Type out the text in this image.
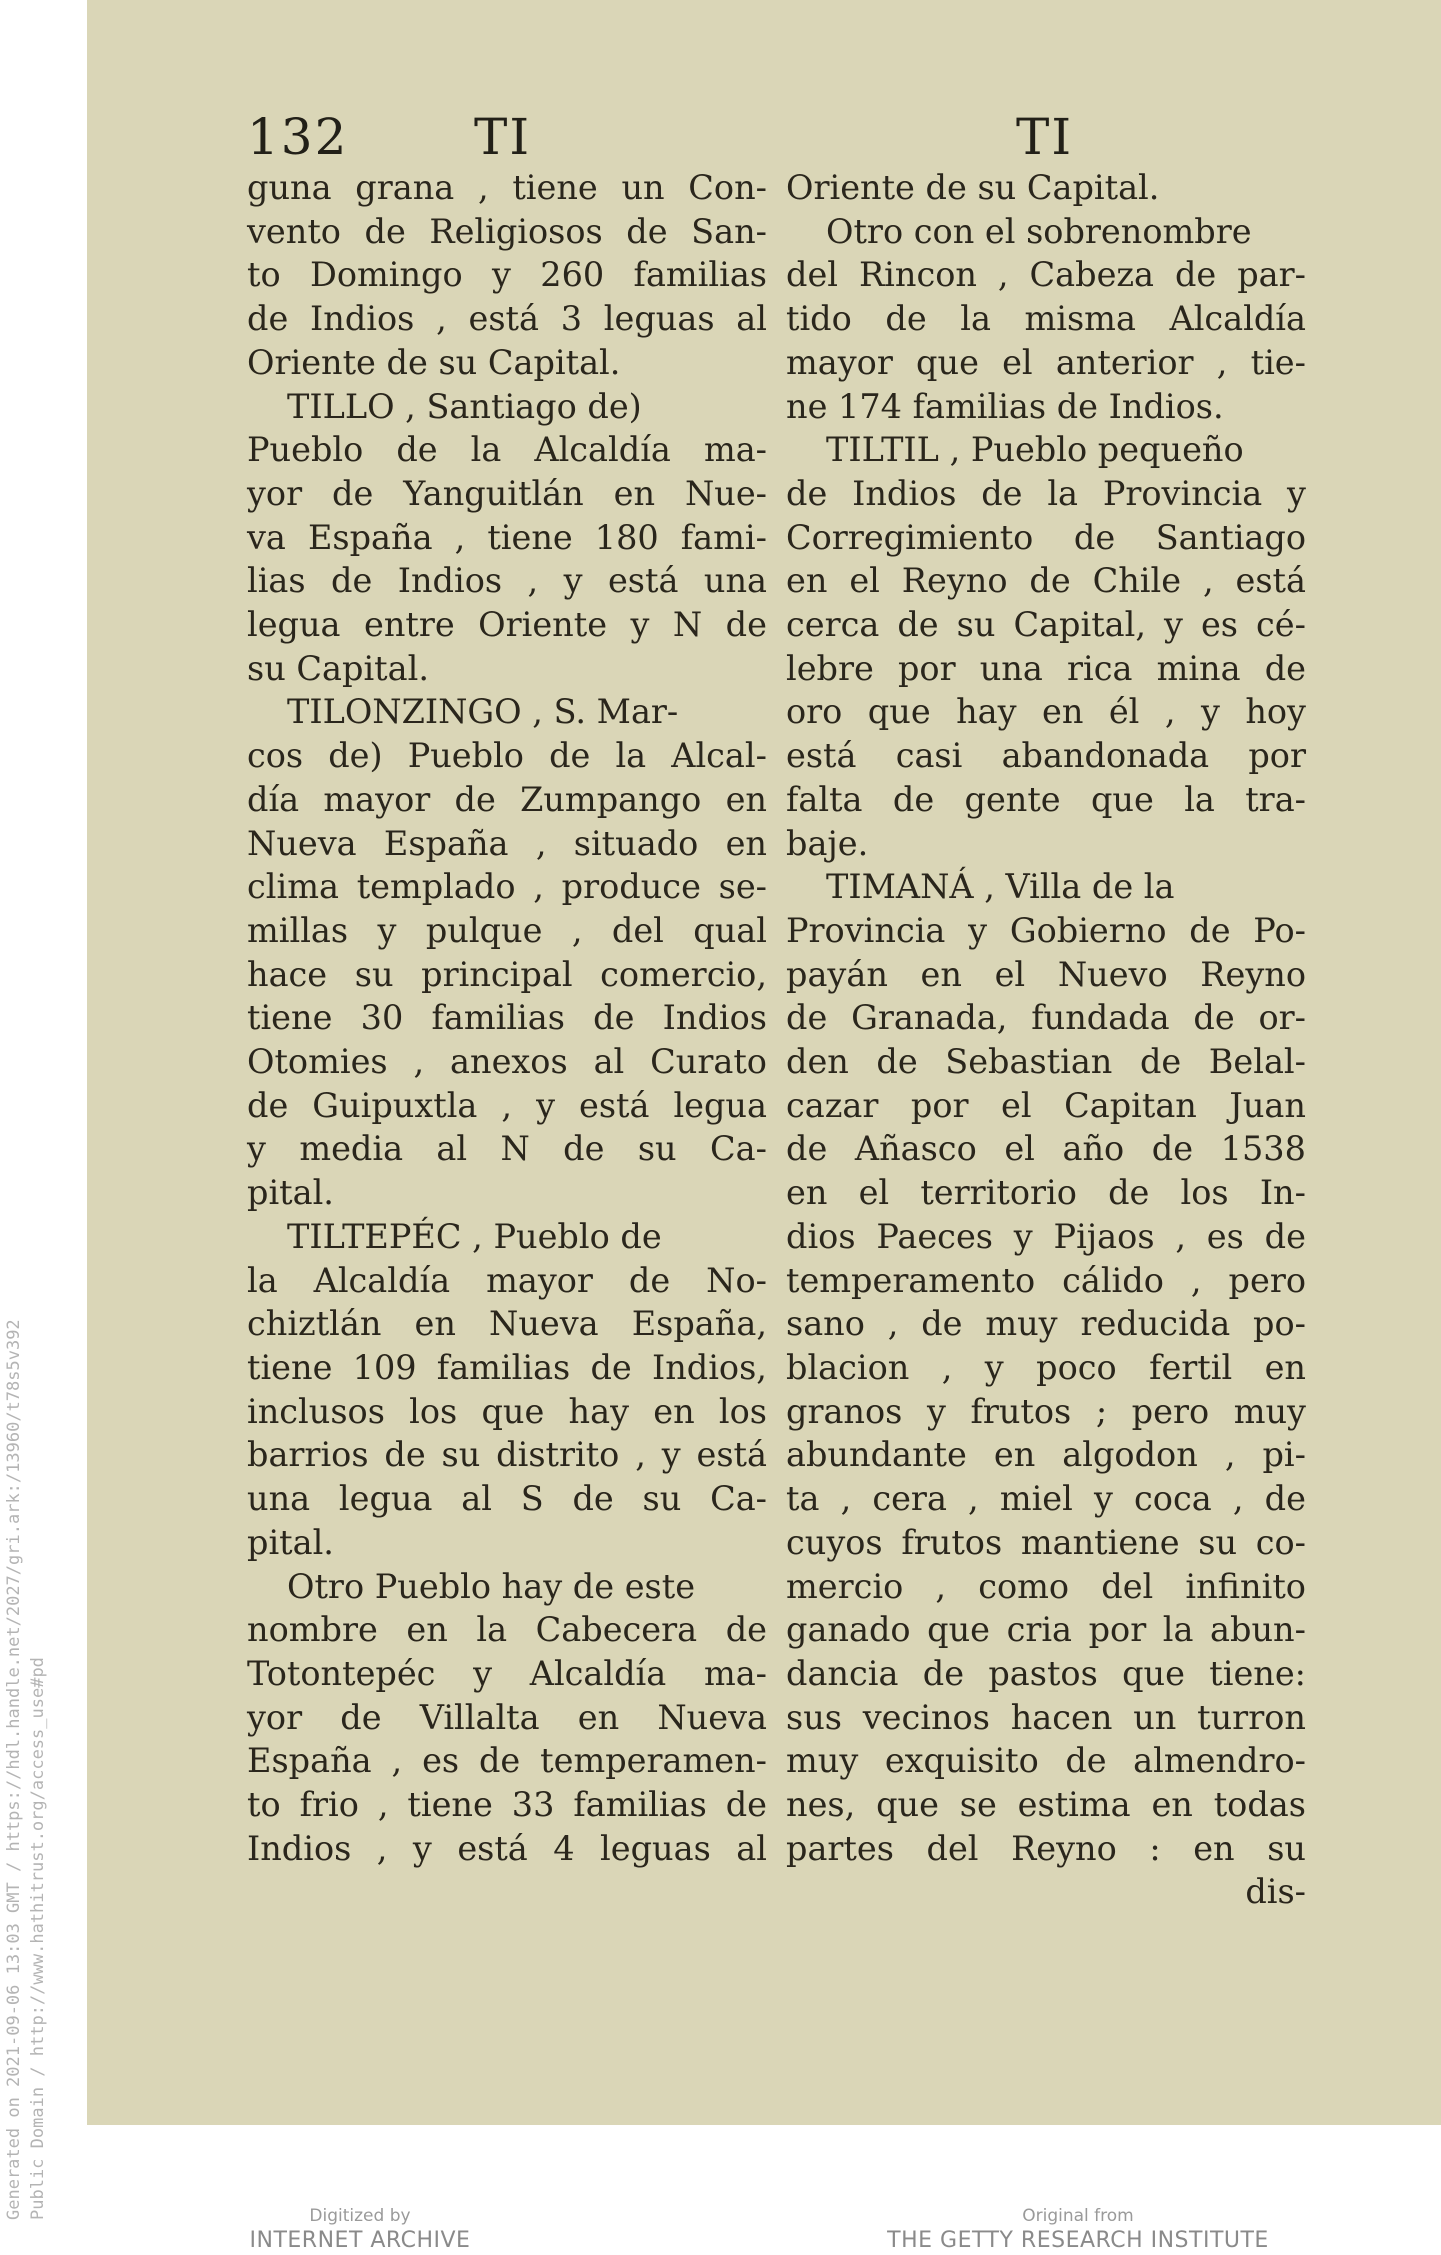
Generated on 2021-09-06 13:03 GMT / https://hdl.handle.net/2027/gri.ark:/13960/t78s5v392 Public Domain / http://www.hathitrust.org/access_use#pd
132	TI	TI
guna grana , tiene un Con-
vento de Religiosos de San-
to Domingo y 260 familias
de Indios , está 3 leguas al
Oriente de su Capital.
TILLO , Santiago de)
Pueblo de la Alcaldía ma-
yor de Yanguitlán en Nue-
va España , tiene 180 fami-
lias de Indios , y está una
legua entre Oriente y N de
su Capital.
TILONZINGO , S. Mar-
cos de) Pueblo de la Alcal-
día mayor de Zumpango en
Nueva España , situado en
clima templado , produce se-
millas y pulque , del qual
hace su principal comercio,
tiene 30 familias de Indios
Otomies , anexos al Curato
de Guipuxtla , y está legua
y media al N de su Ca-
pital.
TILTEPÉC , Pueblo de
la Alcaldía mayor de No-
chiztlán en Nueva España,
tiene 109 familias de Indios,
inclusos los que hay en los
barrios de su distrito , y está
una legua al S de su Ca-
pital.
Otro Pueblo hay de este
nombre en la Cabecera de
Totontepéc y Alcaldía ma-
yor de Villalta en Nueva
España , es de temperamen-
to frio , tiene 33 familias de
Indios , y está 4 leguas al
Oriente de su Capital.
Otro con el sobrenombre
del Rincon , Cabeza de par-
tido de la misma Alcaldía
mayor que el anterior , tie-
ne 174 familias de Indios.
TILTIL , Pueblo pequeño
de Indios de la Provincia y
Corregimiento de Santiago
en el Reyno de Chile , está
cerca de su Capital, y es cé-
lebre por una rica mina de
oro que hay en él , y hoy
está casi abandonada por
falta de gente que la tra-
baje.
TIMANÁ , Villa de la
Provincia y Gobierno de Po-
payán en el Nuevo Reyno
de Granada, fundada de or-
den de Sebastian de Belal-
cazar por el Capitan Juan
de Añasco el año de 1538
en el territorio de los In-
dios Paeces y Pijaos , es de
temperamento cálido , pero
sano , de muy reducida po-
blacion , y poco fertil en
granos y frutos ; pero muy
abundante en algodon , pi-
ta , cera , miel y coca , de
cuyos frutos mantiene su co-
mercio , como del infinito
ganado que cria por la abun-
dancia de pastos que tiene:
sus vecinos hacen un turron
muy exquisito de almendro-
nes, que se estima en todas
partes del Reyno : en su
dis-
Digitized by
INTERNET ARCHIVE
Original from
THE GETTY RESEARCH INSTITUTE
